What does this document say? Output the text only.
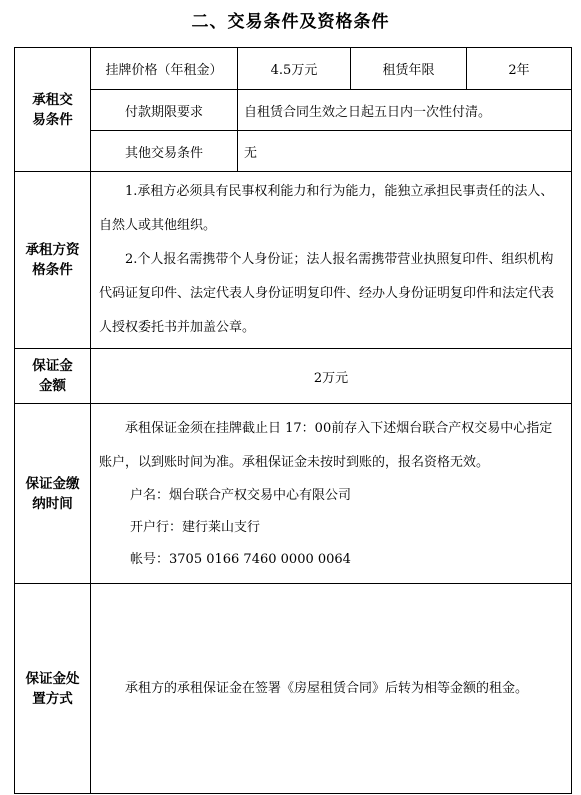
二、交易条件及资格条件
承租交易条件	挂牌价格（年租金）	4.5万元	租赁年限	2年
	付款期限要求	自租赁合同生效之日起五日内一次性付清。		
	其他交易条件	无		

承租方资格条件	1.承租方必须具有民事权利能力和行为能力，能独立承担民事责任的法人、自然人或其他组织。

2.个人报名需携带个人身份证；法人报名需携带营业执照复印件、组织机构代码证复印件、法定代表人身份证明复印件、经办人身份证明复印件和法定代表人授权委托书并加盖公章。			

保证金金额	2万元			

保证金缴纳时间	承租保证金须在挂牌截止日 17：00前存入下述烟台联合产权交易中心指定账户，以到账时间为准。承租保证金未按时到账的，报名资格无效。

户名：烟台联合产权交易中心有限公司

开户行：建行莱山支行

帐号：3705 0166 7460 0000 0064			

保证金处置方式	承租方的承租保证金在签署《房屋租赁合同》后转为相等金额的租金。			
